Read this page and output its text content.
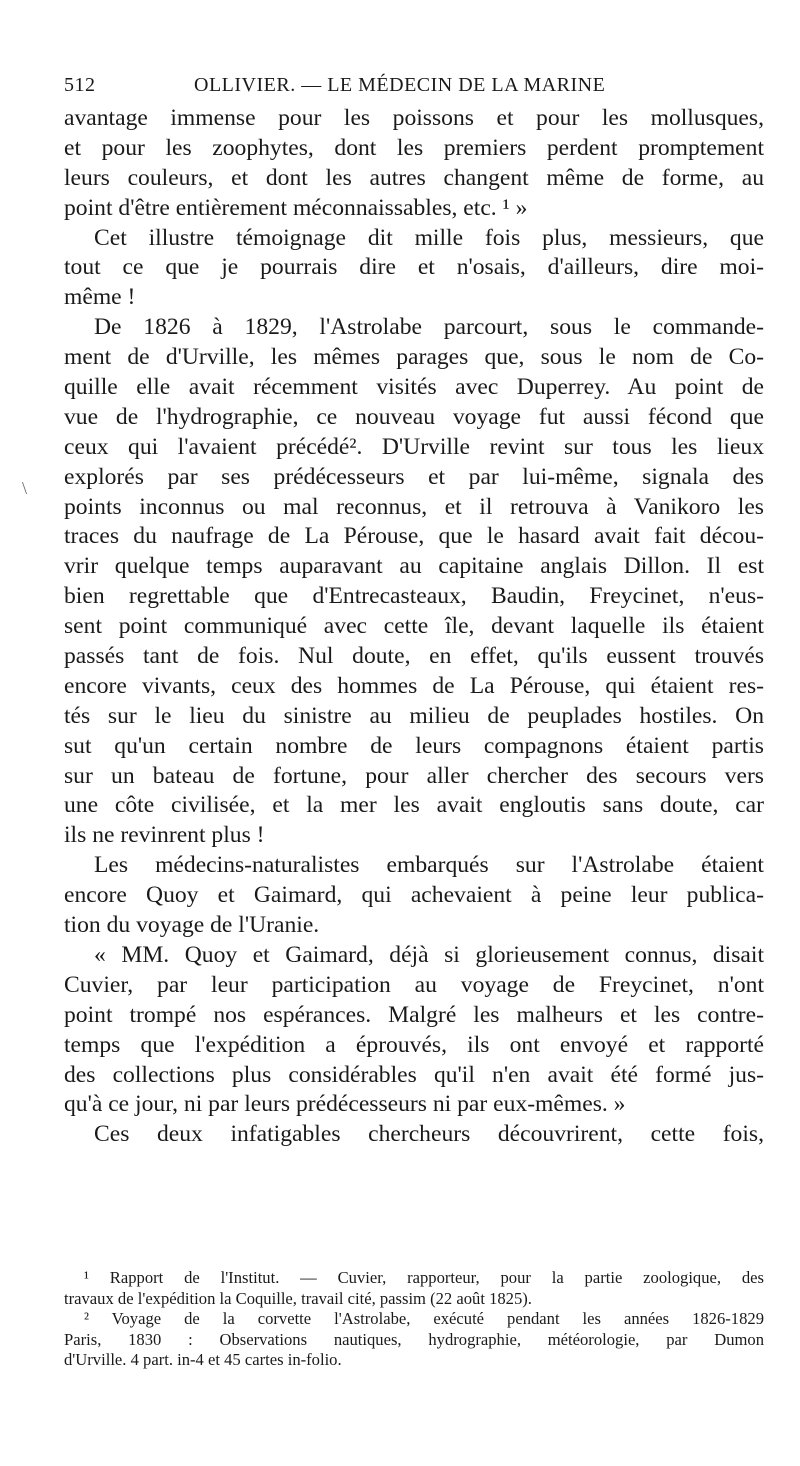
512	OLLIVIER. — LE MÉDECIN DE LA MARINE
\
avantage immense pour les poissons et pour les mollusques,
et pour les zoophytes, dont les premiers perdent promptement
leurs couleurs, et dont les autres changent même de forme, au
point d'être entièrement méconnaissables, etc. ¹ »
Cet illustre témoignage dit mille fois plus, messieurs, que
tout ce que je pourrais dire et n'osais, d'ailleurs, dire moi-
même !
De 1826 à 1829, l'Astrolabe parcourt, sous le commande-
ment de d'Urville, les mêmes parages que, sous le nom de Co-
quille elle avait récemment visités avec Duperrey. Au point de
vue de l'hydrographie, ce nouveau voyage fut aussi fécond que
ceux qui l'avaient précédé². D'Urville revint sur tous les lieux
explorés par ses prédécesseurs et par lui-même, signala des
points inconnus ou mal reconnus, et il retrouva à Vanikoro les
traces du naufrage de La Pérouse, que le hasard avait fait décou-
vrir quelque temps auparavant au capitaine anglais Dillon. Il est
bien regrettable que d'Entrecasteaux, Baudin, Freycinet, n'eus-
sent point communiqué avec cette île, devant laquelle ils étaient
passés tant de fois. Nul doute, en effet, qu'ils eussent trouvés
encore vivants, ceux des hommes de La Pérouse, qui étaient res-
tés sur le lieu du sinistre au milieu de peuplades hostiles. On
sut qu'un certain nombre de leurs compagnons étaient partis
sur un bateau de fortune, pour aller chercher des secours vers
une côte civilisée, et la mer les avait engloutis sans doute, car
ils ne revinrent plus !
Les médecins-naturalistes embarqués sur l'Astrolabe étaient
encore Quoy et Gaimard, qui achevaient à peine leur publica-
tion du voyage de l'Uranie.
« MM. Quoy et Gaimard, déjà si glorieusement connus, disait
Cuvier, par leur participation au voyage de Freycinet, n'ont
point trompé nos espérances. Malgré les malheurs et les contre-
temps que l'expédition a éprouvés, ils ont envoyé et rapporté
des collections plus considérables qu'il n'en avait été formé jus-
qu'à ce jour, ni par leurs prédécesseurs ni par eux-mêmes. »
Ces deux infatigables chercheurs découvrirent, cette fois,
¹ Rapport de l'Institut. — Cuvier, rapporteur, pour la partie zoologique, des
travaux de l'expédition la Coquille, travail cité, passim (22 août 1825).
² Voyage de la corvette l'Astrolabe, exécuté pendant les années 1826-1829
Paris, 1830 : Observations nautiques, hydrographie, météorologie, par Dumon
d'Urville. 4 part. in-4 et 45 cartes in-folio.
